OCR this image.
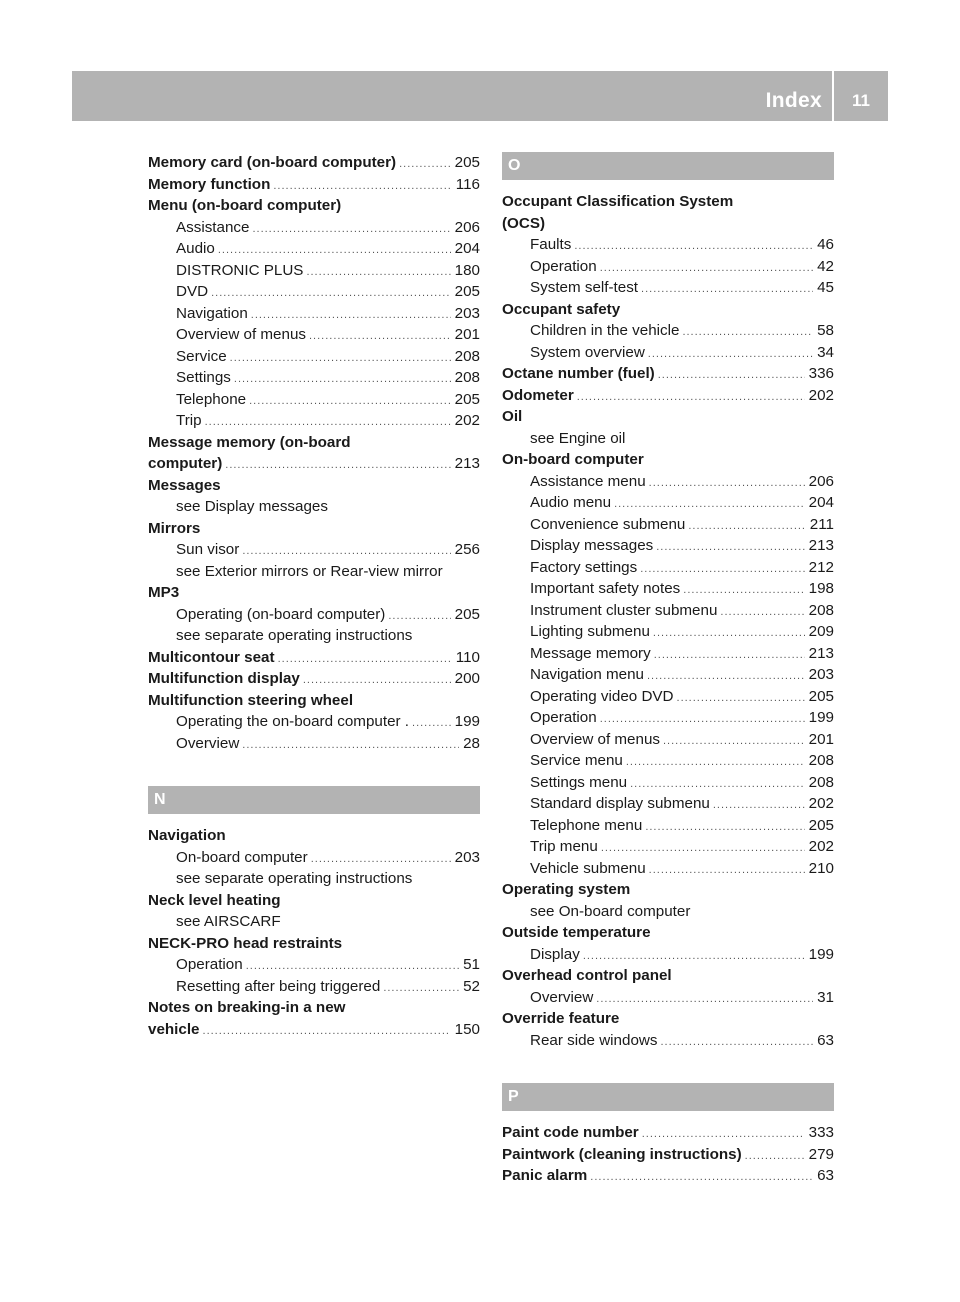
Index	11
Memory card (on-board computer) .....	205
Memory function .....	116
Menu (on-board computer)
Assistance .....	206
Audio .....	204
DISTRONIC PLUS .....	180
DVD .....	205
Navigation .....	203
Overview of menus .....	201
Service .....	208
Settings .....	208
Telephone .....	205
Trip .....	202
Message memory (on-board
computer) .....	213
Messages
see Display messages
Mirrors
Sun visor .....	256
see Exterior mirrors or Rear-view mirror
MP3
Operating (on-board computer) .....	205
see separate operating instructions
Multicontour seat .....	110
Multifunction display .....	200
Multifunction steering wheel
Operating the on-board computer . .....	199
Overview .....	28
N
Navigation
On-board computer .....	203
see separate operating instructions
Neck level heating
see AIRSCARF
NECK-PRO head restraints
Operation .....	51
Resetting after being triggered .....	52
Notes on breaking-in a new
vehicle .....	150
O
Occupant Classification System
(OCS)
Faults .....	46
Operation .....	42
System self-test .....	45
Occupant safety
Children in the vehicle .....	58
System overview .....	34
Octane number (fuel) .....	336
Odometer .....	202
Oil
see Engine oil
On-board computer
Assistance menu .....	206
Audio menu .....	204
Convenience submenu .....	211
Display messages .....	213
Factory settings .....	212
Important safety notes .....	198
Instrument cluster submenu .....	208
Lighting submenu .....	209
Message memory .....	213
Navigation menu .....	203
Operating video DVD .....	205
Operation .....	199
Overview of menus .....	201
Service menu .....	208
Settings menu .....	208
Standard display submenu .....	202
Telephone menu .....	205
Trip menu .....	202
Vehicle submenu .....	210
Operating system
see On-board computer
Outside temperature
Display .....	199
Overhead control panel
Overview .....	31
Override feature
Rear side windows .....	63
P
Paint code number .....	333
Paintwork (cleaning instructions) .....	279
Panic alarm .....	63
